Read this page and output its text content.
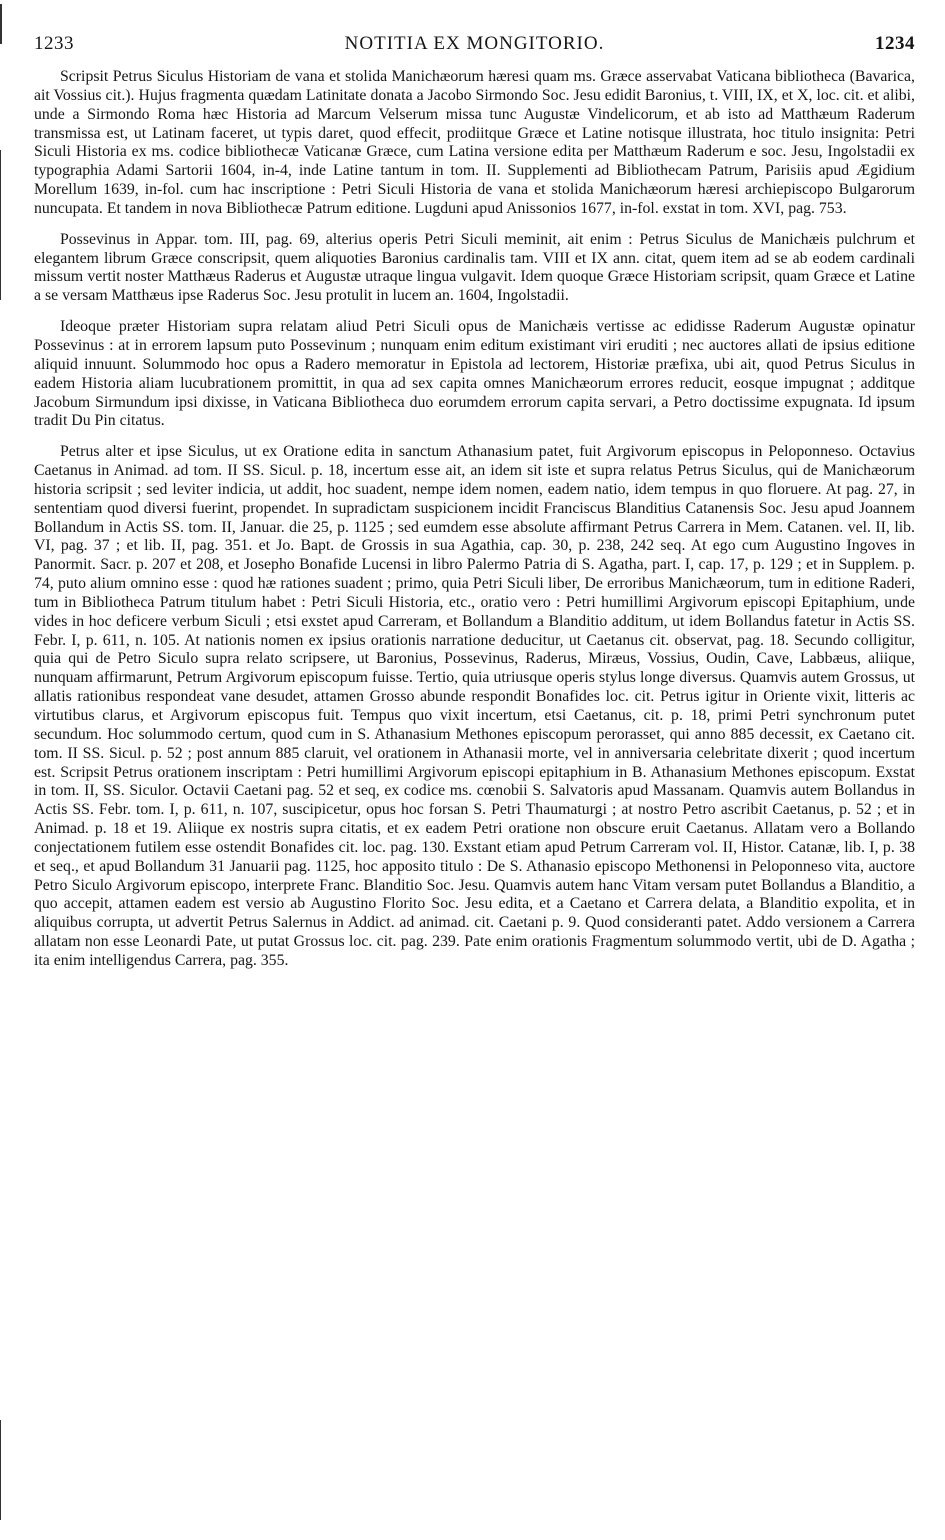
1233	NOTITIA EX MONGITORIO.	1234

Scripsit Petrus Siculus Historiam de vana et stolida Manichæorum hæresi quam ms. Græce asservabat Vaticana bibliotheca (Bavarica, ait Vossius cit.). Hujus fragmenta quædam Latinitate donata a Jacobo Sirmondo Soc. Jesu edidit Baronius, t. VIII, IX, et X, loc. cit. et alibi, unde a Sirmondo Roma hæc Historia ad Marcum Velserum missa tunc Augustæ Vindelicorum, et ab isto ad Matthæum Raderum transmissa est, ut Latinam faceret, ut typis daret, quod effecit, prodiitque Græce et Latine notisque illustrata, hoc titulo insignita: Petri Siculi Historia ex ms. codice bibliothecæ Vaticanæ Græce, cum Latina versione edita per Matthæum Raderum e soc. Jesu, Ingolstadii ex typographia Adami Sartorii 1604, in-4, inde Latine tantum in tom. II. Supplementi ad Bibliothecam Patrum, Parisiis apud Ægidium Morellum 1639, in-fol. cum hac inscriptione : Petri Siculi Historia de vana et stolida Manichæorum hæresi archiepiscopo Bulgarorum nuncupata. Et tandem in nova Bibliothecæ Patrum editione. Lugduni apud Anissonios 1677, in-fol. exstat in tom. XVI, pag. 753.

Possevinus in Appar. tom. III, pag. 69, alterius operis Petri Siculi meminit, ait enim : Petrus Siculus de Manichæis pulchrum et elegantem librum Græce conscripsit, quem aliquoties Baronius cardinalis tam. VIII et IX ann. citat, quem item ad se ab eodem cardinali missum vertit noster Matthæus Raderus et Augustæ utraque lingua vulgavit. Idem quoque Græce Historiam scripsit, quam Græce et Latine a se versam Matthæus ipse Raderus Soc. Jesu protulit in lucem an. 1604, Ingolstadii.

Ideoque præter Historiam supra relatam aliud Petri Siculi opus de Manichæis vertisse ac edidisse Raderum Augustæ opinatur Possevinus : at in errorem lapsum puto Possevinum ; nunquam enim editum existimant viri eruditi ; nec auctores allati de ipsius editione aliquid innuunt. Solummodo hoc opus a Radero memoratur in Epistola ad lectorem, Historiæ præfixa, ubi ait, quod Petrus Siculus in eadem Historia aliam lucubrationem promittit, in qua ad sex capita omnes Manichæorum errores reducit, eosque impugnat ; additque Jacobum Sirmundum ipsi dixisse, in Vaticana Bibliotheca duo eorumdem errorum capita servari, a Petro doctissime expugnata. Id ipsum tradit Du Pin citatus.

Petrus alter et ipse Siculus, ut ex Oratione edita in sanctum Athanasium patet, fuit Argivorum episcopus in Peloponneso. Octavius Caetanus in Animad. ad tom. II SS. Sicul. p. 18, incertum esse ait, an idem sit iste et supra relatus Petrus Siculus, qui de Manichæorum historia scripsit ; sed leviter indicia, ut addit, hoc suadent, nempe idem nomen, eadem natio, idem tempus in quo floruere. At pag. 27, in sententiam quod diversi fuerint, propendet. In supradictam suspicionem incidit Franciscus Blanditius Catanensis Soc. Jesu apud Joannem Bollandum in Actis SS. tom. II, Januar. die 25, p. 1125 ; sed eumdem esse absolute affirmant Petrus Carrera in Mem. Catanen. vel. II, lib. VI, pag. 37 ; et lib. II, pag. 351. et Jo. Bapt. de Grossis in sua Agathia, cap. 30, p. 238, 242 seq. At ego cum Augustino Ingoves in Panormit. Sacr. p. 207 et 208, et Josepho Bonafide Lucensi in libro Palermo Patria di S. Agatha, part. I, cap. 17, p. 129 ; et in Supplem. p. 74, puto alium omnino esse : quod hæ rationes suadent ; primo, quia Petri Siculi liber, De erroribus Manichæorum, tum in editione Raderi, tum in Bibliotheca Patrum titulum habet : Petri Siculi Historia, etc., oratio vero : Petri humillimi Argivorum episcopi Epitaphium, unde vides in hoc deficere verbum Siculi ; etsi exstet apud Carreram, et Bollandum a Blanditio additum, ut idem Bollandus fatetur in Actis SS. Febr. I, p. 611, n. 105. At nationis nomen ex ipsius orationis narratione deducitur, ut Caetanus cit. observat, pag. 18. Secundo colligitur, quia qui de Petro Siculo supra relato scripsere, ut Baronius, Possevinus, Raderus, Miræus, Vossius, Oudin, Cave, Labbæus, aliique, nunquam affirmarunt, Petrum Argivorum episcopum fuisse. Tertio, quia utriusque operis stylus longe diversus. Quamvis autem Grossus, ut allatis rationibus respondeat vane desudet, attamen Grosso abunde respondit Bonafides loc. cit. Petrus igitur in Oriente vixit, litteris ac virtutibus clarus, et Argivorum episcopus fuit. Tempus quo vixit incertum, etsi Caetanus, cit. p. 18, primi Petri synchronum putet secundum. Hoc solummodo certum, quod cum in S. Athanasium Methones episcopum perorasset, qui anno 885 decessit, ex Caetano cit. tom. II SS. Sicul. p. 52 ; post annum 885 claruit, vel orationem in Athanasii morte, vel in anniversaria celebritate dixerit ; quod incertum est. Scripsit Petrus orationem inscriptam : Petri humillimi Argivorum episcopi epitaphium in B. Athanasium Methones episcopum. Exstat in tom. II, SS. Siculor. Octavii Caetani pag. 52 et seq, ex codice ms. cœnobii S. Salvatoris apud Massanam. Quamvis autem Bollandus in Actis SS. Febr. tom. I, p. 611, n. 107, suscipicetur, opus hoc forsan S. Petri Thaumaturgi ; at nostro Petro ascribit Caetanus, p. 52 ; et in Animad. p. 18 et 19. Aliique ex nostris supra citatis, et ex eadem Petri oratione non obscure eruit Caetanus. Allatam vero a Bollando conjectationem futilem esse ostendit Bonafides cit. loc. pag. 130. Exstant etiam apud Petrum Carreram vol. II, Histor. Catanæ, lib. I, p. 38 et seq., et apud Bollandum 31 Januarii pag. 1125, hoc apposito titulo : De S. Athanasio episcopo Methonensi in Peloponneso vita, auctore Petro Siculo Argivorum episcopo, interprete Franc. Blanditio Soc. Jesu. Quamvis autem hanc Vitam versam putet Bollandus a Blanditio, a quo accepit, attamen eadem est versio ab Augustino Florito Soc. Jesu edita, et a Caetano et Carrera delata, a Blanditio expolita, et in aliquibus corrupta, ut advertit Petrus Salernus in Addict. ad animad. cit. Caetani p. 9. Quod consideranti patet. Addo versionem a Carrera allatam non esse Leonardi Pate, ut putat Grossus loc. cit. pag. 239. Pate enim orationis Fragmentum solummodo vertit, ubi de D. Agatha ; ita enim intelligendus Carrera, pag. 355.
